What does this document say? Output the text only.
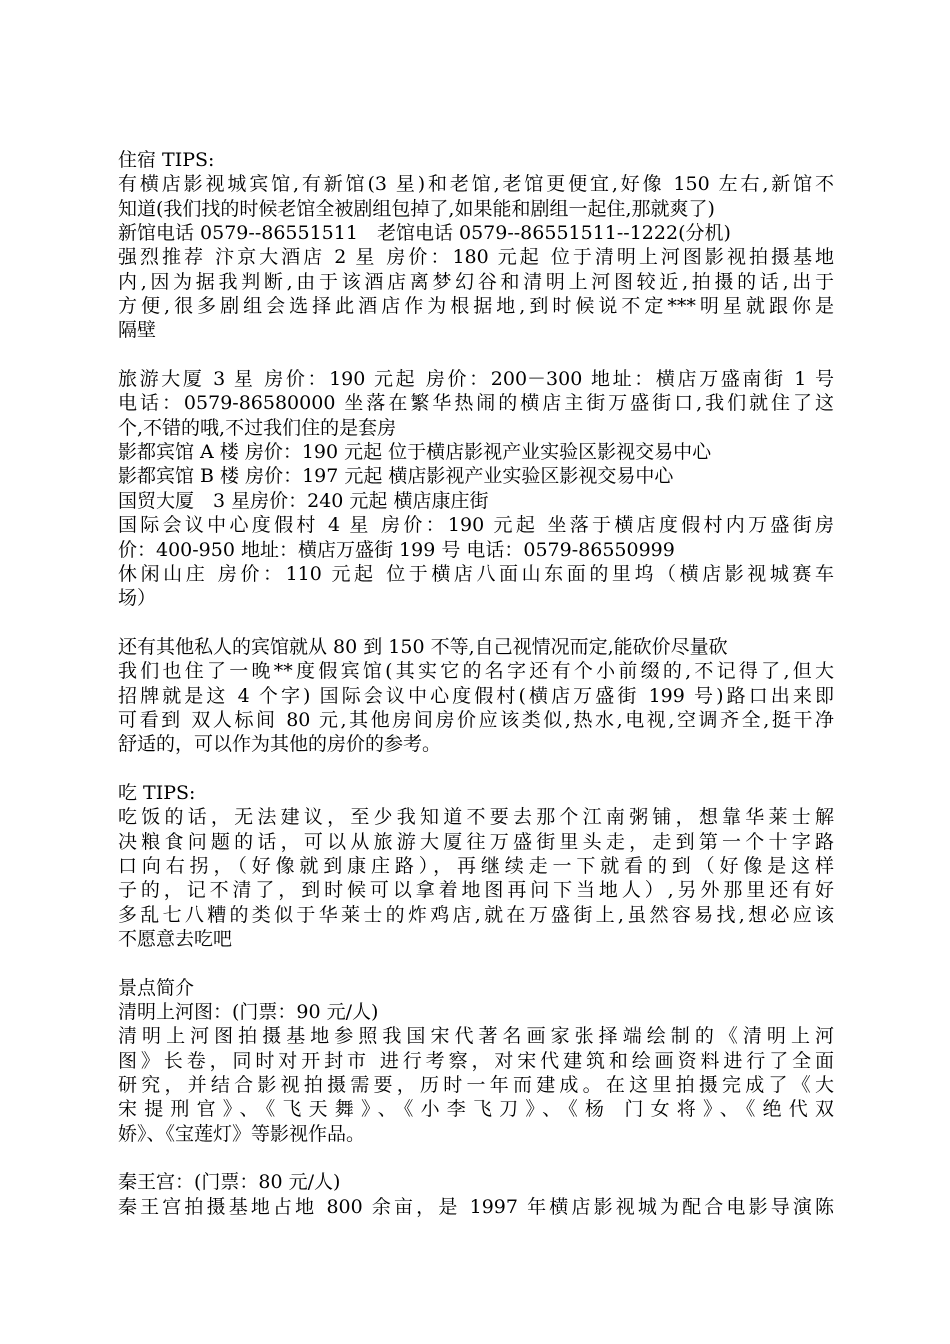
住宿 TIPS:
有横店影视城宾馆,有新馆(3 星)和老馆,老馆更便宜,好像 150 左右,新馆不
知道(我们找的时候老馆全被剧组包掉了,如果能和剧组一起住,那就爽了)
新馆电话 0579--86551511　老馆电话 0579--86551511--1222(分机)
强烈推荐 汴京大酒店 2 星 房价：180 元起 位于清明上河图影视拍摄基地
内,因为据我判断,由于该酒店离梦幻谷和清明上河图较近,拍摄的话,出于
方便,很多剧组会选择此酒店作为根据地,到时候说不定***明星就跟你是
隔壁
旅游大厦 3 星 房价：190 元起 房价：200－300 地址：横店万盛南街 1 号
电话：0579-86580000 坐落在繁华热闹的横店主街万盛街口,我们就住了这
个,不错的哦,不过我们住的是套房
影都宾馆 A 楼 房价：190 元起 位于横店影视产业实验区影视交易中心
影都宾馆 B 楼 房价：197 元起 横店影视产业实验区影视交易中心
国贸大厦　3 星房价：240 元起 横店康庄街
国际会议中心度假村 4 星 房价：190 元起 坐落于横店度假村内万盛街房
价：400-950 地址：横店万盛街 199 号 电话：0579-86550999
休闲山庄 房价：110 元起 位于横店八面山东面的里坞（横店影视城赛车
场）
还有其他私人的宾馆就从 80 到 150 不等,自己视情况而定,能砍价尽量砍
我们也住了一晚**度假宾馆(其实它的名字还有个小前缀的,不记得了,但大
招牌就是这 4 个字) 国际会议中心度假村(横店万盛街 199 号)路口出来即
可看到 双人标间 80 元,其他房间房价应该类似,热水,电视,空调齐全,挺干净
舒适的，可以作为其他的房价的参考。
吃 TIPS:
吃饭的话，无法建议，至少我知道不要去那个江南粥铺，想靠华莱士解
决粮食问题的话，可以从旅游大厦往万盛街里头走，走到第一个十字路
口向右拐，（好像就到康庄路），再继续走一下就看的到（好像是这样
子的，记不清了，到时候可以拿着地图再问下当地人）,另外那里还有好
多乱七八糟的类似于华莱士的炸鸡店,就在万盛街上,虽然容易找,想必应该
不愿意去吃吧
景点简介
清明上河图：(门票：90 元/人)
清明上河图拍摄基地参照我国宋代著名画家张择端绘制的《清明上河
图》长卷，同时对开封市 进行考察，对宋代建筑和绘画资料进行了全面
研究，并结合影视拍摄需要，历时一年而建成。在这里拍摄完成了《大
宋提刑官》、《飞天舞》、《小李飞刀》、《杨 门女将》、《绝代双
娇》、《宝莲灯》等影视作品。
秦王宫：(门票：80 元/人)
秦王宫拍摄基地占地 800 余亩，是 1997 年横店影视城为配合电影导演陈
